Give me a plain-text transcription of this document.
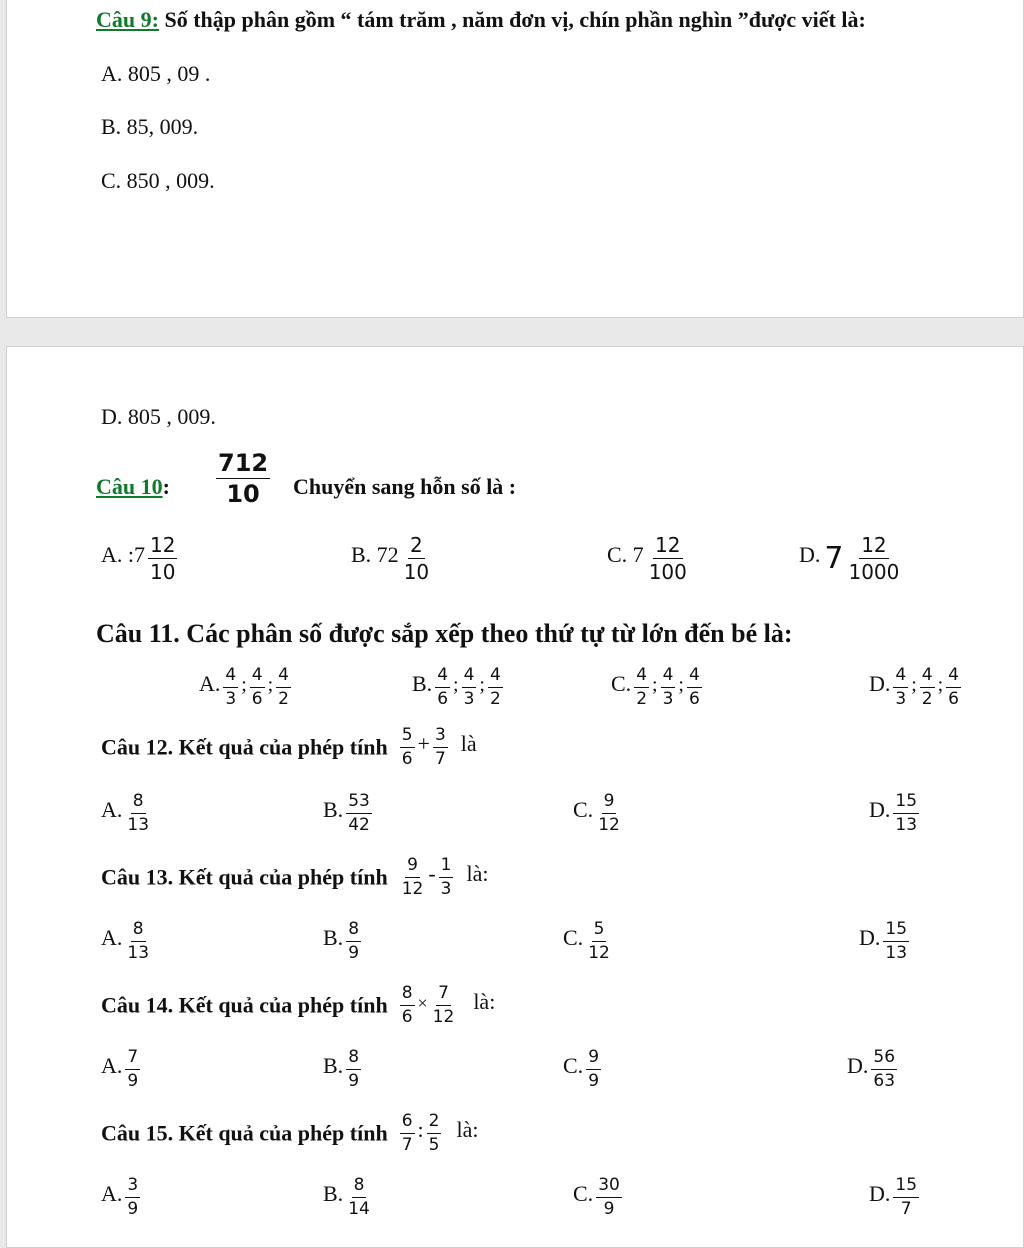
Câu 9: Số thập phân gồm “ tám trăm , năm đơn vị, chín phần nghìn ”được viết là:
A. 805 , 09 .
B. 85, 009.
C. 850 , 009.
D. 805 , 009.
Câu 10: $\frac{712}{10}$ Chuyển sang hỗn số là :
A. :7 $\frac{12}{10}$	B. $72 \frac{2}{10}$	C. $7 \frac{12}{100}$	D. $7 \frac{12}{1000}$
Câu 11. Các phân số được sắp xếp theo thứ tự từ lớn đến bé là:
A. $\frac{4}{3}$ ; $\frac{4}{6}$ ; $\frac{4}{2}$	B. $\frac{4}{6}$ ; $\frac{4}{3}$ ; $\frac{4}{2}$	C. $\frac{4}{2}$ ; $\frac{4}{3}$ ; $\frac{4}{6}$	D. $\frac{4}{3}$ ; $\frac{4}{2}$ ; $\frac{4}{6}$
Câu 12. Kết quả của phép tính $\frac{5}{6} + \frac{3}{7}$ là
A. $\frac{8}{13}$	B. $\frac{53}{42}$	C. $\frac{9}{12}$	D. $\frac{15}{13}$
Câu 13. Kết quả của phép tính $\frac{9}{12} - \frac{1}{3}$ là:
A. $\frac{8}{13}$	B. $\frac{8}{9}$	C. $\frac{5}{12}$	D. $\frac{15}{13}$
Câu 14. Kết quả của phép tính $\frac{8}{6} \times \frac{7}{12}$ là:
A. $\frac{7}{9}$	B. $\frac{8}{9}$	C. $\frac{9}{9}$	D. $\frac{56}{63}$
Câu 15. Kết quả của phép tính $\frac{6}{7}$ : $\frac{2}{5}$ là:
A. $\frac{3}{9}$	B. $\frac{8}{14}$	C. $\frac{30}{9}$	D. $\frac{15}{7}$
